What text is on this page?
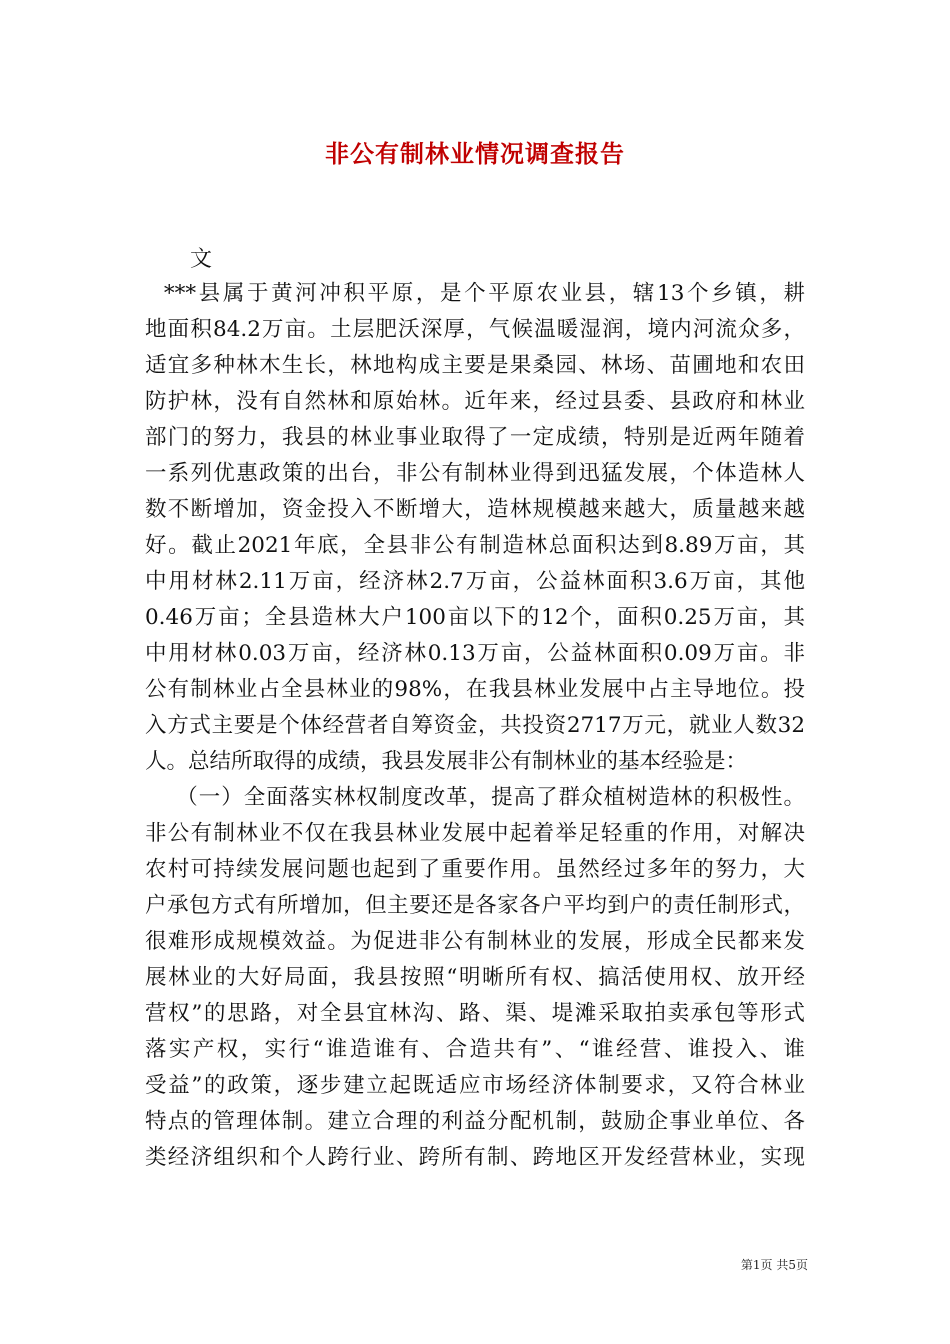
非公有制林业情况调查报告
文
***县属于黄河冲积平原，是个平原农业县，辖13个乡镇，耕
地面积84.2万亩。土层肥沃深厚，气候温暖湿润，境内河流众多，
适宜多种林木生长，林地构成主要是果桑园、林场、苗圃地和农田
防护林，没有自然林和原始林。近年来，经过县委、县政府和林业
部门的努力，我县的林业事业取得了一定成绩，特别是近两年随着
一系列优惠政策的出台，非公有制林业得到迅猛发展，个体造林人
数不断增加，资金投入不断增大，造林规模越来越大，质量越来越
好。截止2021年底，全县非公有制造林总面积达到8.89万亩，其
中用材林2.11万亩，经济林2.7万亩，公益林面积3.6万亩，其他
0.46万亩；全县造林大户100亩以下的12个，面积0.25万亩，其
中用材林0.03万亩，经济林0.13万亩，公益林面积0.09万亩。非
公有制林业占全县林业的98%，在我县林业发展中占主导地位。投
入方式主要是个体经营者自筹资金，共投资2717万元，就业人数32
人。总结所取得的成绩，我县发展非公有制林业的基本经验是：
（一）全面落实林权制度改革，提高了群众植树造林的积极性。
非公有制林业不仅在我县林业发展中起着举足轻重的作用，对解决
农村可持续发展问题也起到了重要作用。虽然经过多年的努力，大
户承包方式有所增加，但主要还是各家各户平均到户的责任制形式，
很难形成规模效益。为促进非公有制林业的发展，形成全民都来发
展林业的大好局面，我县按照“明晰所有权、搞活使用权、放开经
营权”的思路，对全县宜林沟、路、渠、堤滩采取拍卖承包等形式
落实产权，实行“谁造谁有、合造共有”、“谁经营、谁投入、谁
受益”的政策，逐步建立起既适应市场经济体制要求，又符合林业
特点的管理体制。建立合理的利益分配机制，鼓励企事业单位、各
类经济组织和个人跨行业、跨所有制、跨地区开发经营林业，实现
第1页 共5页
